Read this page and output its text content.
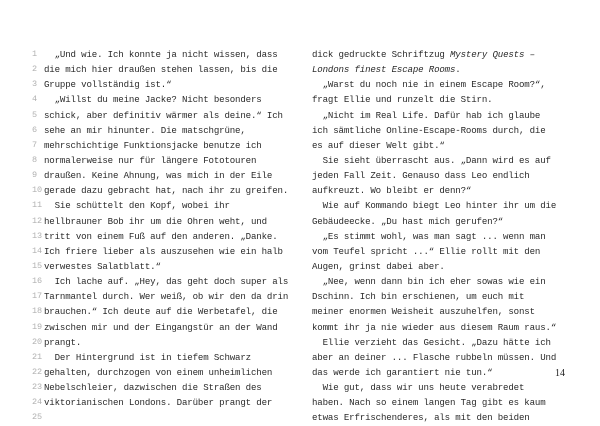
1 „Und wie. Ich konnte ja nicht wissen, dass
2 die mich hier draußen stehen lassen, bis die
3 Gruppe vollständig ist.“
4 „Willst du meine Jacke? Nicht besonders
5 schick, aber definitiv wärmer als deine.“ Ich
6 sehe an mir hinunter. Die matschgrüne,
7 mehrschichtige Funktionsjacke benutze ich
8 normalerweise nur für längere Fototouren
9 draußen. Keine Ahnung, was mich in der Eile
10 gerade dazu gebracht hat, nach ihr zu greifen.
11 Sie schüttelt den Kopf, wobei ihr
12 hellbrauner Bob ihr um die Ohren weht, und
13 tritt von einem Fuß auf den anderen. „Danke.
14 Ich friere lieber als auszusehen wie ein halb
15 verwestes Salatblatt.“
16 Ich lache auf. „Hey, das geht doch super als
17 Tarnmantel durch. Wer weiß, ob wir den da drin
18 brauchen.“ Ich deute auf die Werbetafel, die
19 zwischen mir und der Eingangstür an der Wand
20 prangt.
21 Der Hintergrund ist in tiefem Schwarz
22 gehalten, durchzogen von einem unheimlichen
23 Nebelschleier, dazwischen die Straßen des
24 viktorianischen Londons. Darüber prangt der
25
dick gedruckte Schriftzug Mystery Quests –
Londons finest Escape Rooms.
„Warst du noch nie in einem Escape Room?“,
fragt Ellie und runzelt die Stirn.
„Nicht im Real Life. Dafür hab ich glaube
ich sämtliche Online-Escape-Rooms durch, die
es auf dieser Welt gibt.“
Sie sieht überrascht aus. „Dann wird es auf
jeden Fall Zeit. Genauso dass Leo endlich
aufkreuzt. Wo bleibt er denn?“
Wie auf Kommando biegt Leo hinter ihr um die
Gebäudeecke. „Du hast mich gerufen?“
„Es stimmt wohl, was man sagt ... wenn man
vom Teufel spricht ...“ Ellie rollt mit den
Augen, grinst dabei aber.
„Nee, wenn dann bin ich eher sowas wie ein
Dschinn. Ich bin erschienen, um euch mit
meiner enormen Weisheit auszuhelfen, sonst
kommt ihr ja nie wieder aus diesem Raum raus.“
Ellie verzieht das Gesicht. „Dazu hätte ich
aber an deiner ... Flasche rubbeln müssen. Und
das werde ich garantiert nie tun.“
Wie gut, dass wir uns heute verabredet
haben. Nach so einem langen Tag gibt es kaum
etwas Erfrischenderes, als mit den beiden
14
